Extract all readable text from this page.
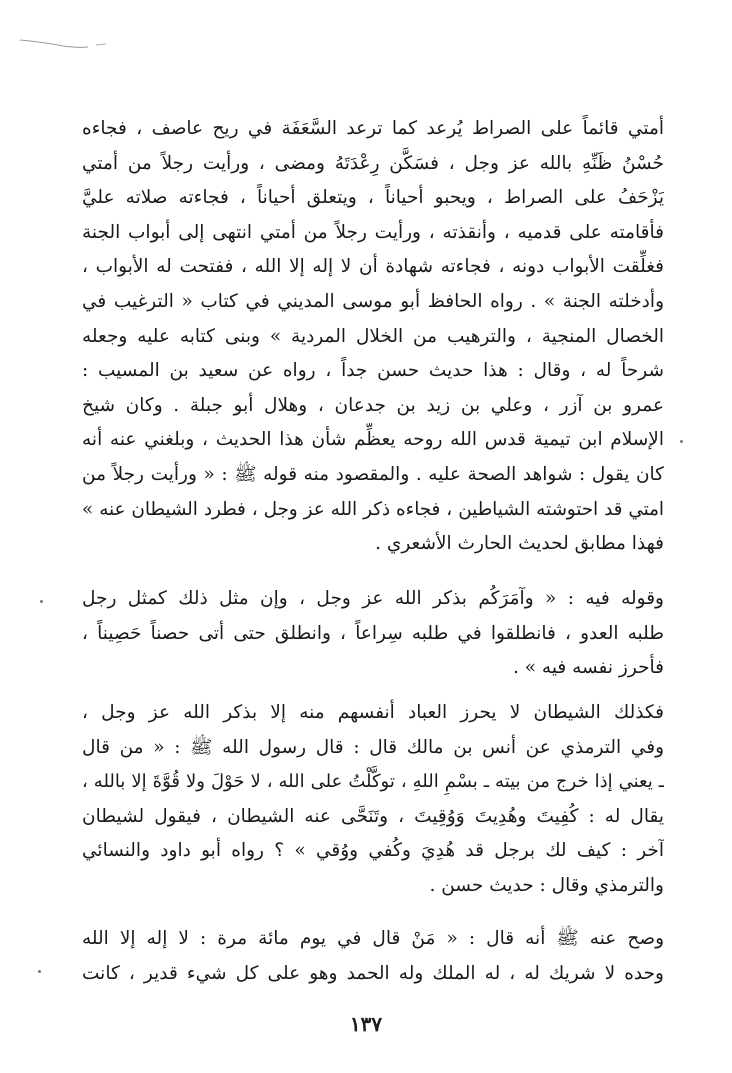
أمتي قائماً على الصراط يُرعد كما ترعد السَّعَفَة في ريح عاصف ، فجاءه
حُسْنُ ظَنِّهِ بالله عز وجل ، فسَكَّن رِعْدَتَهُ ومضى ، ورأيت رجلاً من أمتي
يَزْحَفُ على الصراط ، ويحبو أحياناً ، ويتعلق أحياناً ، فجاءته صلاته عليَّ
فأقامته على قدميه ، وأنقذته ، ورأيت رجلاً من أمتي انتهى إلى أبواب الجنة
فغلِّقت الأبواب دونه ، فجاءته شهادة أن لا إله إلا الله ، ففتحت له الأبواب ،
وأدخلته الجنة » . رواه الحافظ أبو موسى المديني في كتاب « الترغيب في
الخصال المنجية ، والترهيب من الخلال المردية » وبنى كتابه عليه وجعله
شرحاً له ، وقال : هذا حديث حسن جداً ، رواه عن سعيد بن المسيب :
عمرو بن آزر ، وعلي بن زيد بن جدعان ، وهلال أبو جبلة . وكان شيخ
الإسلام ابن تيمية قدس الله روحه يعظِّم شأن هذا الحديث ، وبلغني عنه أنه
كان يقول : شواهد الصحة عليه . والمقصود منه قوله ﷺ : « ورأيت رجلاً من
امتي قد احتوشته الشياطين ، فجاءه ذكر الله عز وجل ، فطرد الشيطان عنه »
فهذا مطابق لحديث الحارث الأشعري .
وقوله فيه : « وآمَرَكُم بذكر الله عز وجل ، وإن مثل ذلك كمثل رجل
طلبه العدو ، فانطلقوا في طلبه سِراعاً ، وانطلق حتى أتى حصناً حَصِيناً ،
فأحرز نفسه فيه » .
فكذلك الشيطان لا يحرز العباد أنفسهم منه إلا بذكر الله عز وجل ،
وفي الترمذي عن أنس بن مالك قال : قال رسول الله ﷺ : « من قال
ـ يعني إذا خرج من بيته ـ بسْمِ اللهِ ، توكَّلْتُ على الله ، لا حَوْلَ ولا قُوَّةَ إلا بالله ،
يقال له : كُفِيتَ وهُدِيتَ وَوُقِيتَ ، وتَنَحَّى عنه الشيطان ، فيقول لشيطان
آخر : كيف لك برجل قد هُدِيَ وكُفي ووُقي » ؟ رواه أبو داود والنسائي
والترمذي وقال : حديث حسن .
وصح عنه ﷺ أنه قال : « مَنْ قال في يوم مائة مرة : لا إله إلا الله
وحده لا شريك له ، له الملك وله الحمد وهو على كل شيء قدير ، كانت
١٣٧
